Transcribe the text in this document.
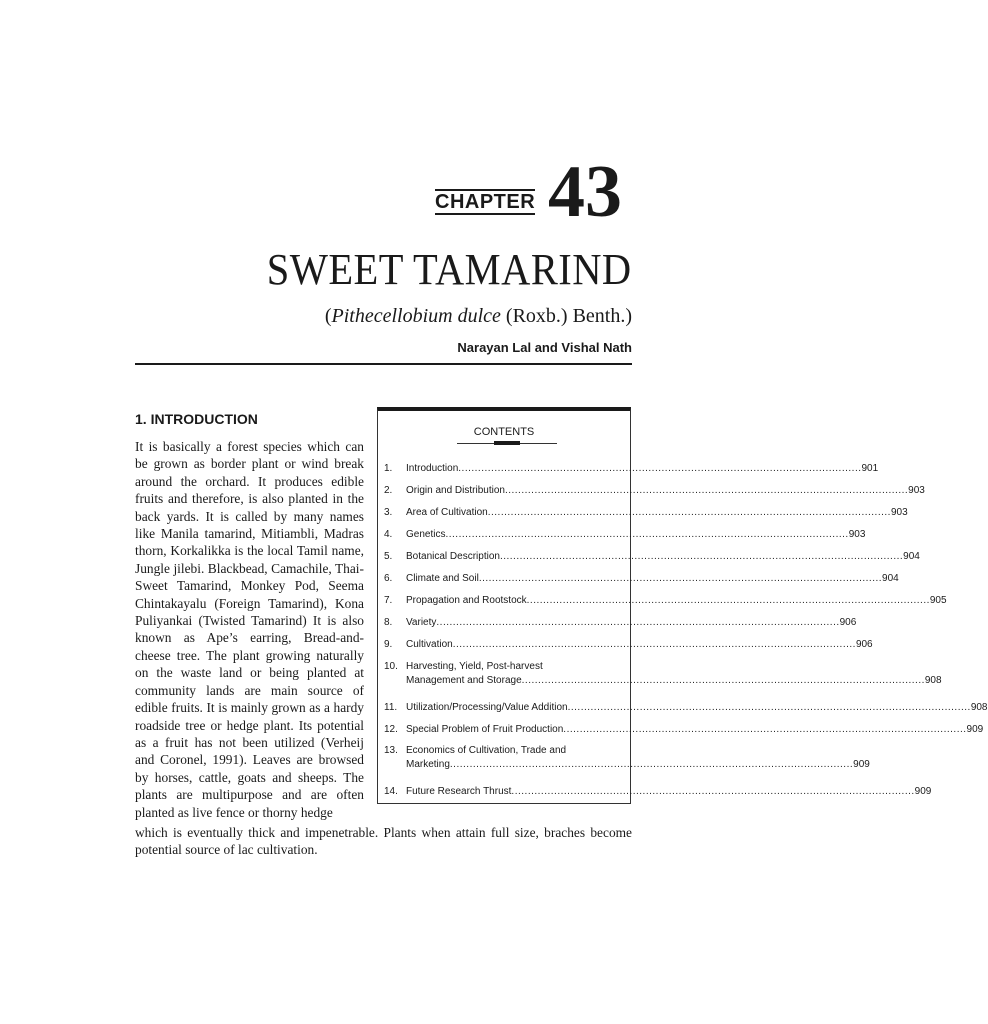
CHAPTER 43
SWEET TAMARIND
(Pithecellobium dulce (Roxb.) Benth.)
Narayan Lal and Vishal Nath
1. INTRODUCTION
It is basically a forest species which can
be grown as border plant or wind break
around the orchard. It produces edible
fruits and therefore, is also planted in the
back yards. It is called by many names
like Manila tamarind, Mitiambli, Madras
thorn, Korkalikka is the local Tamil name,
Jungle jilebi. Blackbead, Camachile, Thai-
Sweet Tamarind, Monkey Pod, Seema
Chintakayalu (Foreign Tamarind), Kona
Puliyankai (Twisted Tamarind) It is also
known as Ape’s earring, Bread-and-
cheese tree. The plant growing naturally
on the waste land or being planted at
community lands are main source of
edible fruits. It is mainly grown as a hardy
roadside tree or hedge plant. Its potential
as a fruit has not been utilized (Verheij
and Coronel, 1991). Leaves are browsed
by horses, cattle, goats and sheeps. The
plants are multipurpose and are often
planted as live fence or thorny hedge
which is eventually thick and impenetrable. Plants when attain full size, braches become
potential source of lac cultivation.
CONTENTS
1.	Introduction .....	901
2.	Origin and Distribution .....	903
3.	Area of Cultivation .....	903
4.	Genetics .....	903
5.	Botanical Description .....	904
6.	Climate and Soil .....	904
7.	Propagation and Rootstock .....	905
8.	Variety .....	906
9.	Cultivation .....	906
10. Harvesting, Yield, Post-harvest
Management and Storage .....	908
11. Utilization/Processing/Value Addition .....	908
12. Special Problem of Fruit Production .....	909
13. Economics of Cultivation, Trade and
Marketing .....	909
14. Future Research Thrust .....	909
